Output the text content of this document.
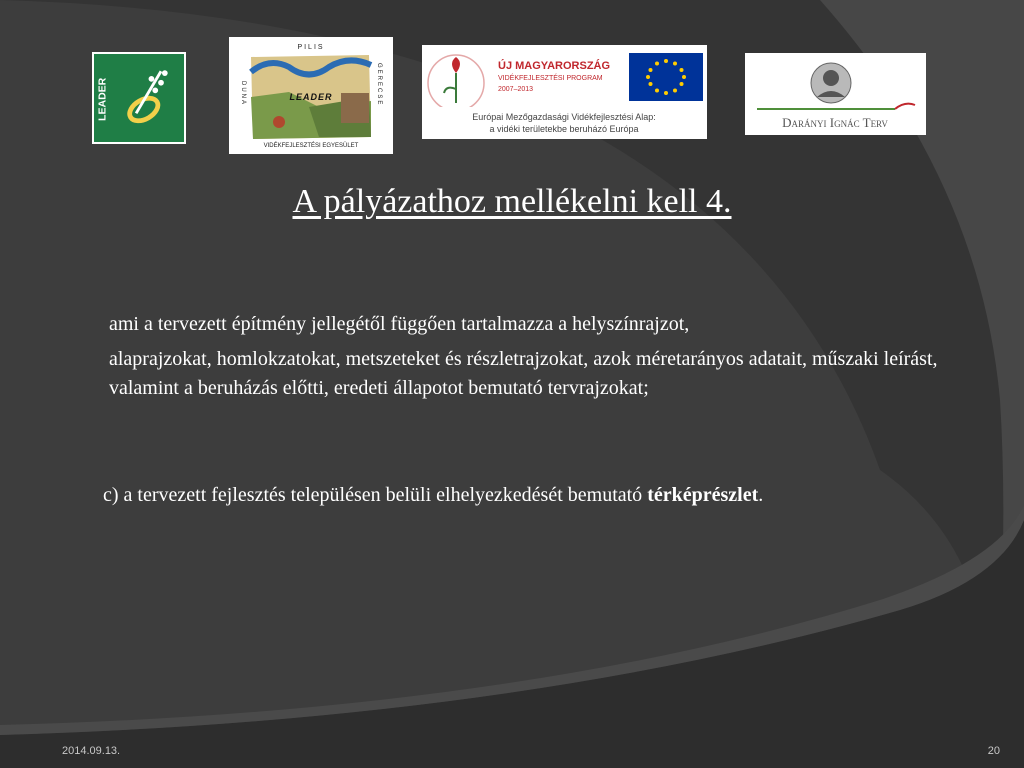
LEADER
PILIS
LEADER
DUNA	GERECSE
VIDÉKFEJLESZTÉSI EGYESÜLET
ÚJ MAGYARORSZÁG
VIDÉKFEJLESZTÉSI PROGRAM
2007–2013
Európai Mezőgazdasági Vidékfejlesztési Alap:
a vidéki területekbe beruházó Európa	Darányi Ignác Terv
A pályázathoz mellékelni kell 4.

ami a tervezett építmény jellegétől függően tartalmazza a helyszínrajzot,

alaprajzokat, homlokzatokat, metszeteket és részletrajzokat, azok méretarányos adatait, műszaki leírást, valamint a beruházás előtti, eredeti állapotot bemutató tervrajzokat;

c) a tervezett fejlesztés településen belüli elhelyezkedését bemutató térképrészlet.

2014.09.13.	20
